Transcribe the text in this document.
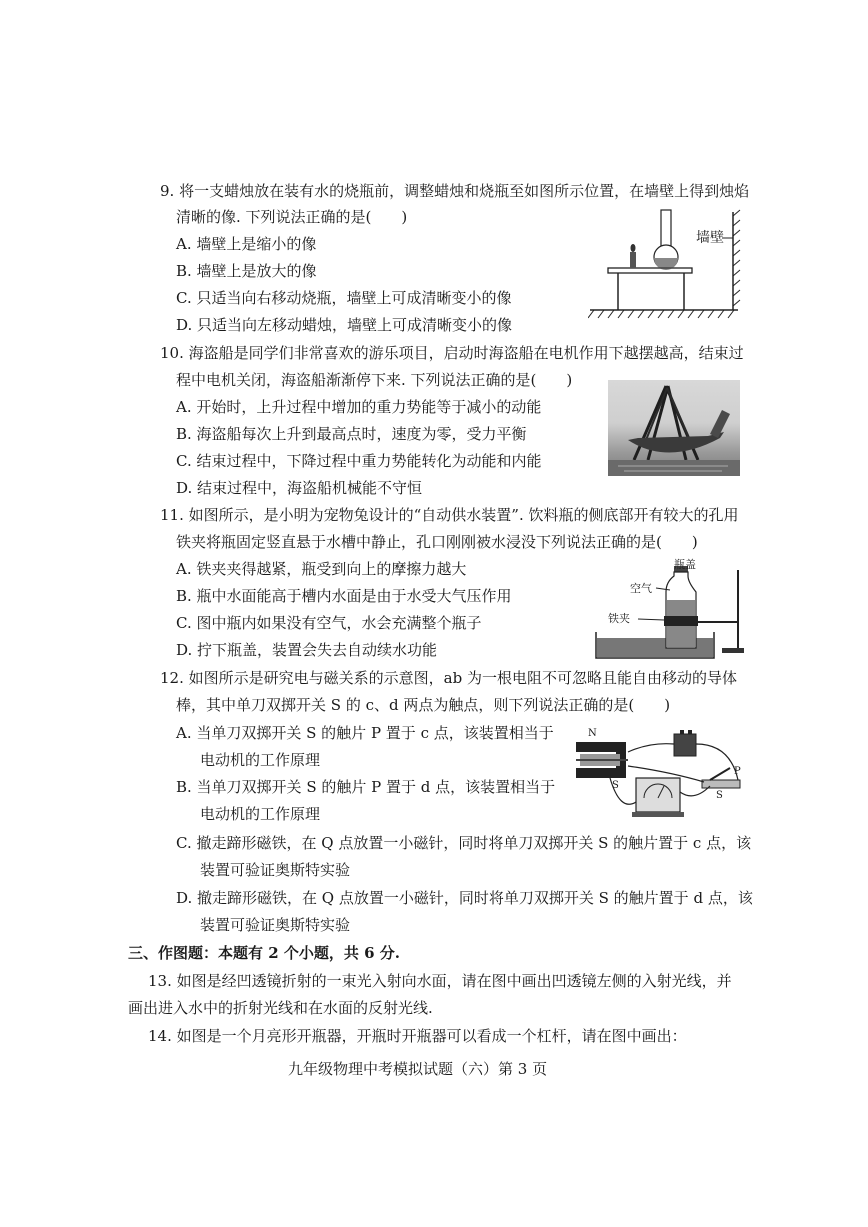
9. 将一支蜡烛放在装有水的烧瓶前，调整蜡烛和烧瓶至如图所示位置，在墙壁上得到烛焰
清晰的像. 下列说法正确的是(　　)
A. 墙壁上是缩小的像
B. 墙壁上是放大的像
C. 只适当向右移动烧瓶，墙壁上可成清晰变小的像
D. 只适当向左移动蜡烛，墙壁上可成清晰变小的像
墙壁
10. 海盗船是同学们非常喜欢的游乐项目，启动时海盗船在电机作用下越摆越高，结束过
程中电机关闭，海盗船渐渐停下来. 下列说法正确的是(　　)
A. 开始时，上升过程中增加的重力势能等于减小的动能
B. 海盗船每次上升到最高点时，速度为零，受力平衡
C. 结束过程中，下降过程中重力势能转化为动能和内能
D. 结束过程中，海盗船机械能不守恒
11. 如图所示，是小明为宠物兔设计的“自动供水装置”. 饮料瓶的侧底部开有较大的孔用
铁夹将瓶固定竖直悬于水槽中静止，孔口刚刚被水浸没下列说法正确的是(　　)
A. 铁夹夹得越紧，瓶受到向上的摩擦力越大
B. 瓶中水面能高于槽内水面是由于水受大气压作用
C. 图中瓶内如果没有空气，水会充满整个瓶子
D. 拧下瓶盖，装置会失去自动续水功能
瓶盖
空气
铁夹
12. 如图所示是研究电与磁关系的示意图，ab 为一根电阻不可忽略且能自由移动的导体
棒，其中单刀双掷开关 S 的 c、d 两点为触点，则下列说法正确的是(　　)
A. 当单刀双掷开关 S 的触片 P 置于 c 点，该装置相当于
电动机的工作原理
B. 当单刀双掷开关 S 的触片 P 置于 d 点，该装置相当于
电动机的工作原理
C. 撤走蹄形磁铁，在 Q 点放置一小磁针，同时将单刀双掷开关 S 的触片置于 c 点，该
装置可验证奥斯特实验
D. 撤走蹄形磁铁，在 Q 点放置一小磁针，同时将单刀双掷开关 S 的触片置于 d 点，该
装置可验证奥斯特实验
N
S
P
S
三、作图题：本题有 2 个小题，共 6 分.
13. 如图是经凹透镜折射的一束光入射向水面，请在图中画出凹透镜左侧的入射光线，并
画出进入水中的折射光线和在水面的反射光线.
14. 如图是一个月亮形开瓶器，开瓶时开瓶器可以看成一个杠杆，请在图中画出：
九年级物理中考模拟试题（六）第 3 页
